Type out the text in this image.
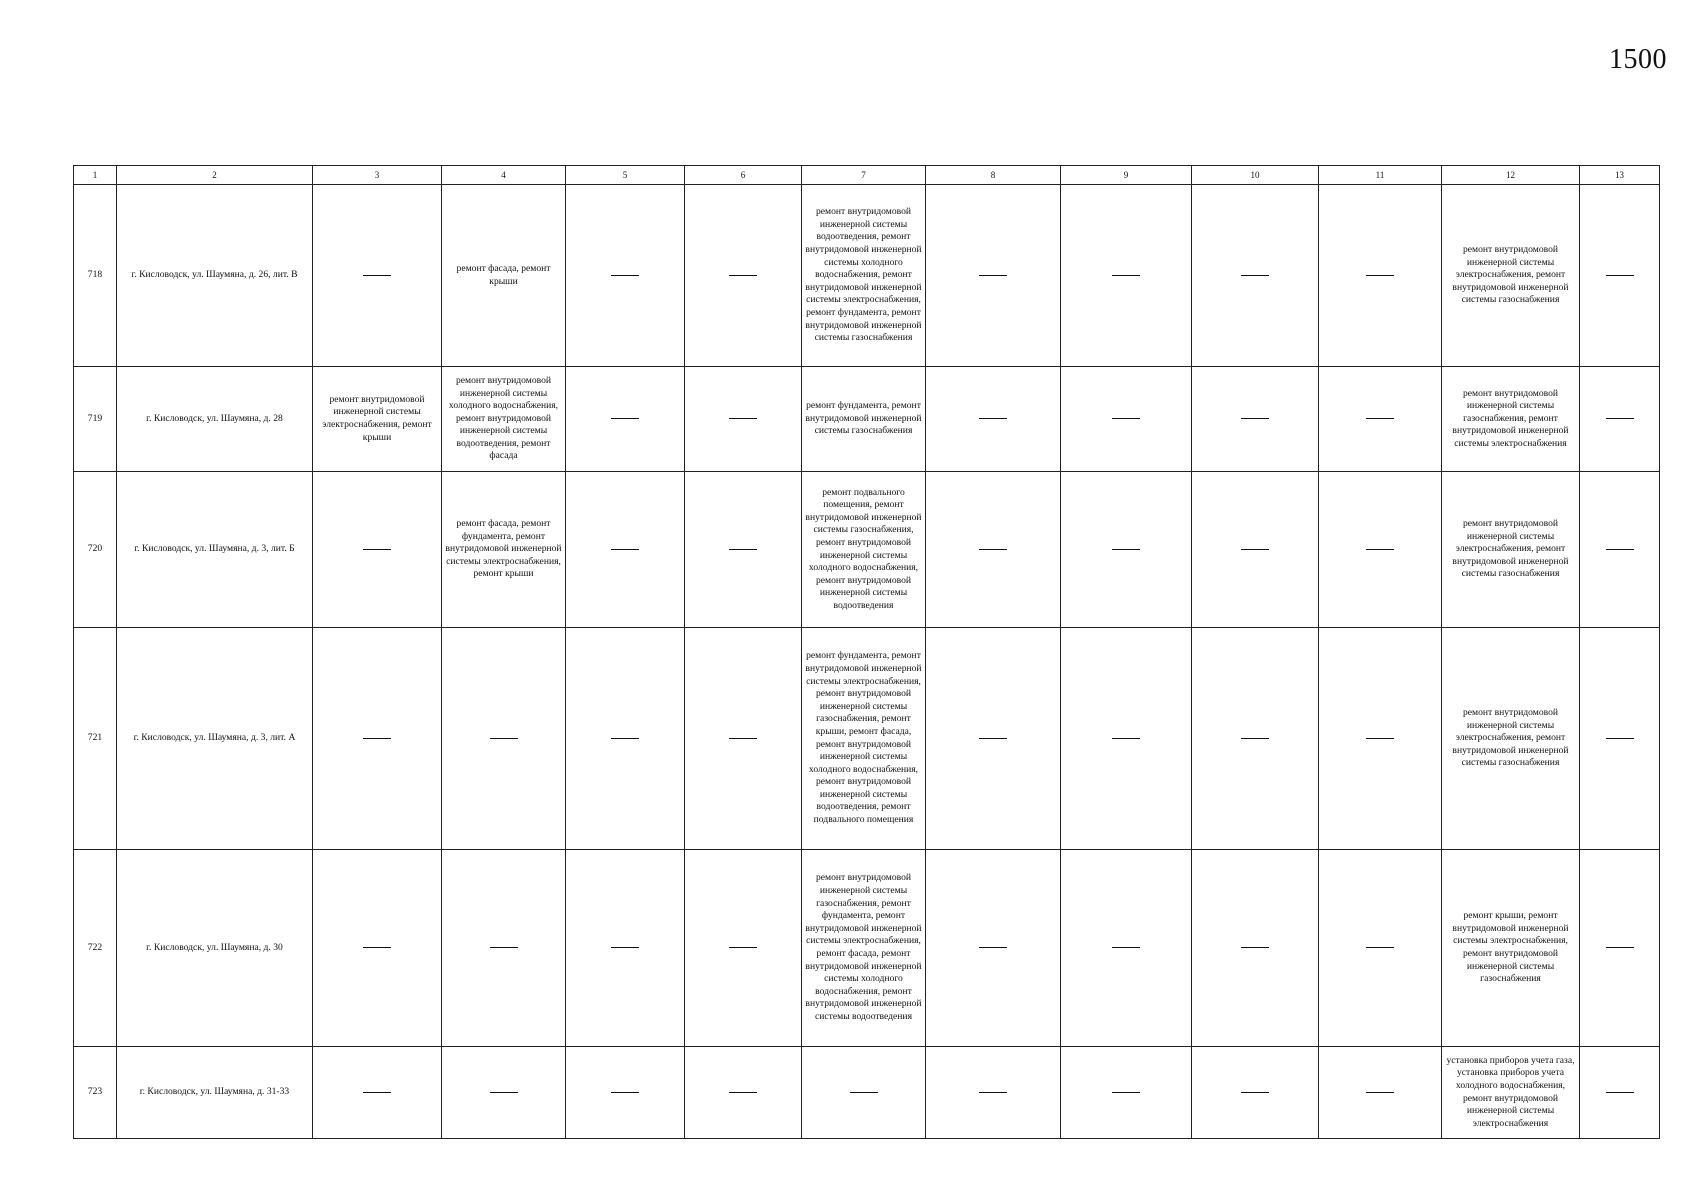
1500
1	2	3	4	5	6	7	8	9	10	11	12	13
718	г. Кисловодск, ул. Шаумяна, д. 26, лит. В		ремонт фасада, ремонт крыши			ремонт внутридомовой инженерной системы водоотведения, ремонт внутридомовой инженерной системы холодного водоснабжения, ремонт внутридомовой инженерной системы электроснабжения, ремонт фундамента, ремонт внутридомовой инженерной системы газоснабжения					ремонт внутридомовой инженерной системы электроснабжения, ремонт внутридомовой инженерной системы газоснабжения	

719	г. Кисловодск, ул. Шаумяна, д. 28	ремонт внутридомовой инженерной системы электроснабжения, ремонт крыши	ремонт внутридомовой инженерной системы холодного водоснабжения, ремонт внутридомовой инженерной системы водоотведения, ремонт фасада			ремонт фундамента, ремонт внутридомовой инженерной системы газоснабжения					ремонт внутридомовой инженерной системы газоснабжения, ремонт внутридомовой инженерной системы электроснабжения	

720	г. Кисловодск, ул. Шаумяна, д. 3, лит. Б		ремонт фасада, ремонт фундамента, ремонт внутридомовой инженерной системы электроснабжения, ремонт крыши			ремонт подвального помещения, ремонт внутридомовой инженерной системы газоснабжения, ремонт внутридомовой инженерной системы холодного водоснабжения, ремонт внутридомовой инженерной системы водоотведения					ремонт внутридомовой инженерной системы электроснабжения, ремонт внутридомовой инженерной системы газоснабжения	

721	г. Кисловодск, ул. Шаумяна, д. 3, лит. А					ремонт фундамента, ремонт внутридомовой инженерной системы электроснабжения, ремонт внутридомовой инженерной системы газоснабжения, ремонт крыши, ремонт фасада, ремонт внутридомовой инженерной системы холодного водоснабжения, ремонт внутридомовой инженерной системы водоотведения, ремонт подвального помещения					ремонт внутридомовой инженерной системы электроснабжения, ремонт внутридомовой инженерной системы газоснабжения	

722	г. Кисловодск, ул. Шаумяна, д. 30					ремонт внутридомовой инженерной системы газоснабжения, ремонт фундамента, ремонт внутридомовой инженерной системы электроснабжения, ремонт фасада, ремонт внутридомовой инженерной системы холодного водоснабжения, ремонт внутридомовой инженерной системы водоотведения					ремонт крыши, ремонт внутридомовой инженерной системы электроснабжения, ремонт внутридомовой инженерной системы газоснабжения	

723	г. Кисловодск, ул. Шаумяна, д. 31-33										установка приборов учета газа, установка приборов учета холодного водоснабжения, ремонт внутридомовой инженерной системы электроснабжения	
